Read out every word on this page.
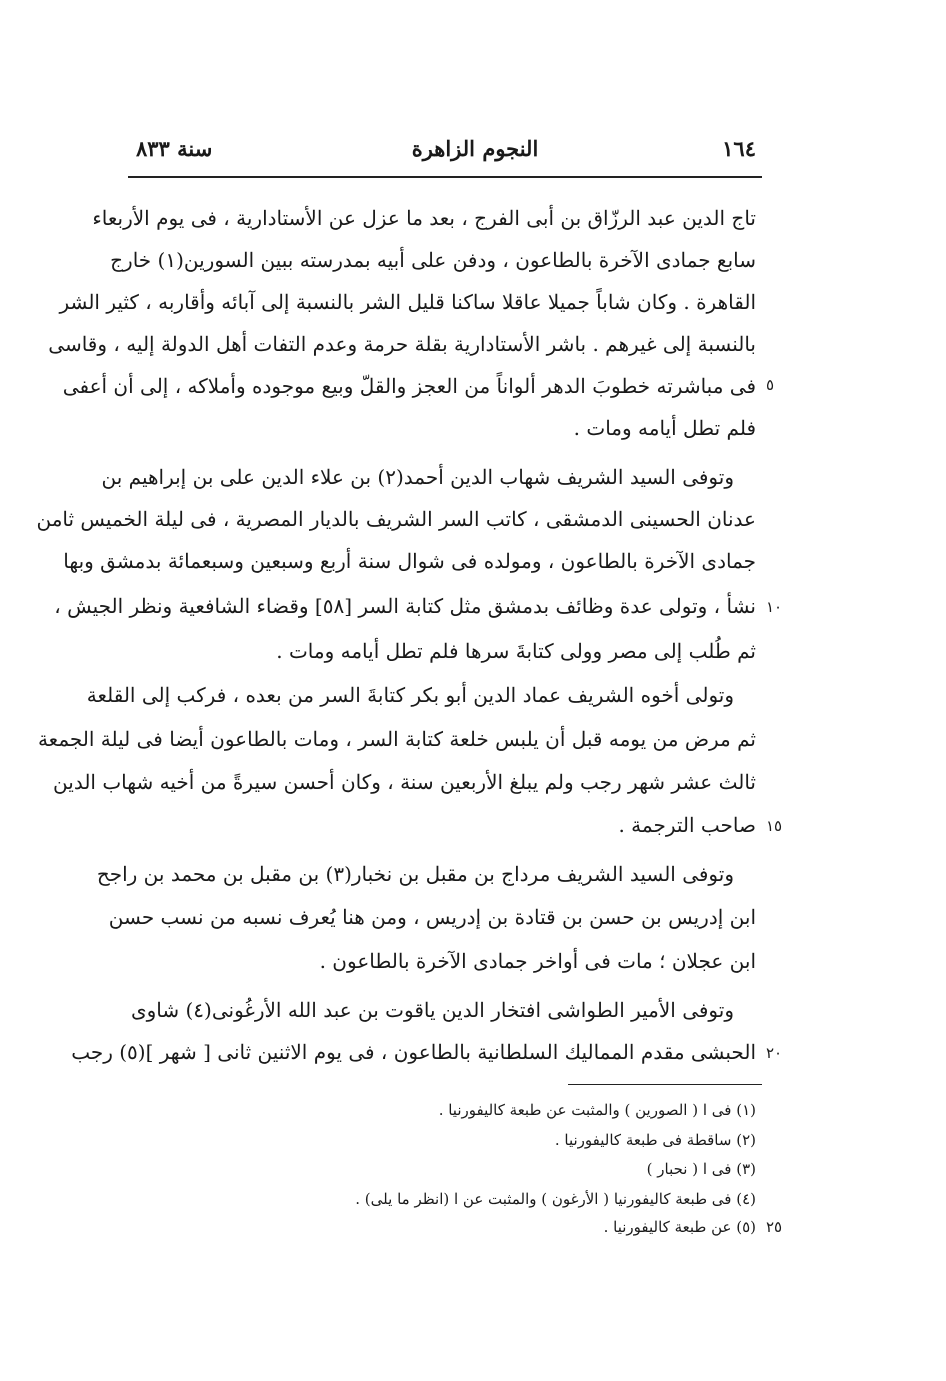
سنة ٨٣٣	النجوم الزاهرة	١٦٤
تاج الدين عبد الرزّاق بن أبى الفرج ، بعد ما عزل عن الأستادارية ، فى يوم الأربعاء
سابع جمادى الآخرة بالطاعون ، ودفن على أبيه بمدرسته ببين السورين(١) خارج
القاهرة . وكان شاباً جميلا عاقلا ساكنا قليل الشر بالنسبة إلى آبائه وأقاربه ، كثير الشر
بالنسبة إلى غيرهم . باشر الأستادارية بقلة حرمة وعدم التفات أهل الدولة إليه ، وقاسى
فى مباشرته خطوبَ الدهر ألواناً من العجز والقلّ وبيع موجوده وأملاكه ، إلى أن أعفى
فلم تطل أيامه ومات .
وتوفى السيد الشريف شهاب الدين أحمد(٢) بن علاء الدين على بن إبراهيم بن
عدنان الحسينى الدمشقى ، كاتب السر الشريف بالديار المصرية ، فى ليلة الخميس ثامن
جمادى الآخرة بالطاعون ، ومولده فى شوال سنة أربع وسبعين وسبعمائة بدمشق وبها
نشأ ، وتولى عدة وظائف بدمشق مثل كتابة السر [٥٨] وقضاء الشافعية ونظر الجيش ،
ثم طُلب إلى مصر وولى كتابةَ سرها فلم تطل أيامه ومات .
وتولى أخوه الشريف عماد الدين أبو بكر كتابةَ السر من بعده ، فركب إلى القلعة
ثم مرض من يومه قبل أن يلبس خلعة كتابة السر ، ومات بالطاعون أيضا فى ليلة الجمعة
ثالث عشر شهر رجب ولم يبلغ الأربعين سنة ، وكان أحسن سيرةً من أخيه شهاب الدين
صاحب الترجمة .
وتوفى السيد الشريف مرداج بن مقبل بن نخبار(٣) بن مقبل بن محمد بن راجح
ابن إدريس بن حسن بن قتادة بن إدريس ، ومن هنا يُعرف نسبه من نسب حسن
ابن عجلان ؛ مات فى أواخر جمادى الآخرة بالطاعون .
وتوفى الأمير الطواشى افتخار الدين ياقوت بن عبد الله الأرغُونى(٤) شاوى
الحبشى مقدم المماليك السلطانية بالطاعون ، فى يوم الاثنين ثانى [ شهر ](٥) رجب
٥
١٠
١٥
٢٠
٢٥
(١) فى ا ( الصورين ) والمثبت عن طبعة كاليفورنيا .
(٢) ساقطة فى طبعة كاليفورنيا .
(٣) فى ا ( نحبار )
(٤) فى طبعة كاليفورنيا ( الأرغون ) والمثبت عن ا (انظر ما يلى) .
(٥) عن طبعة كاليفورنيا .
